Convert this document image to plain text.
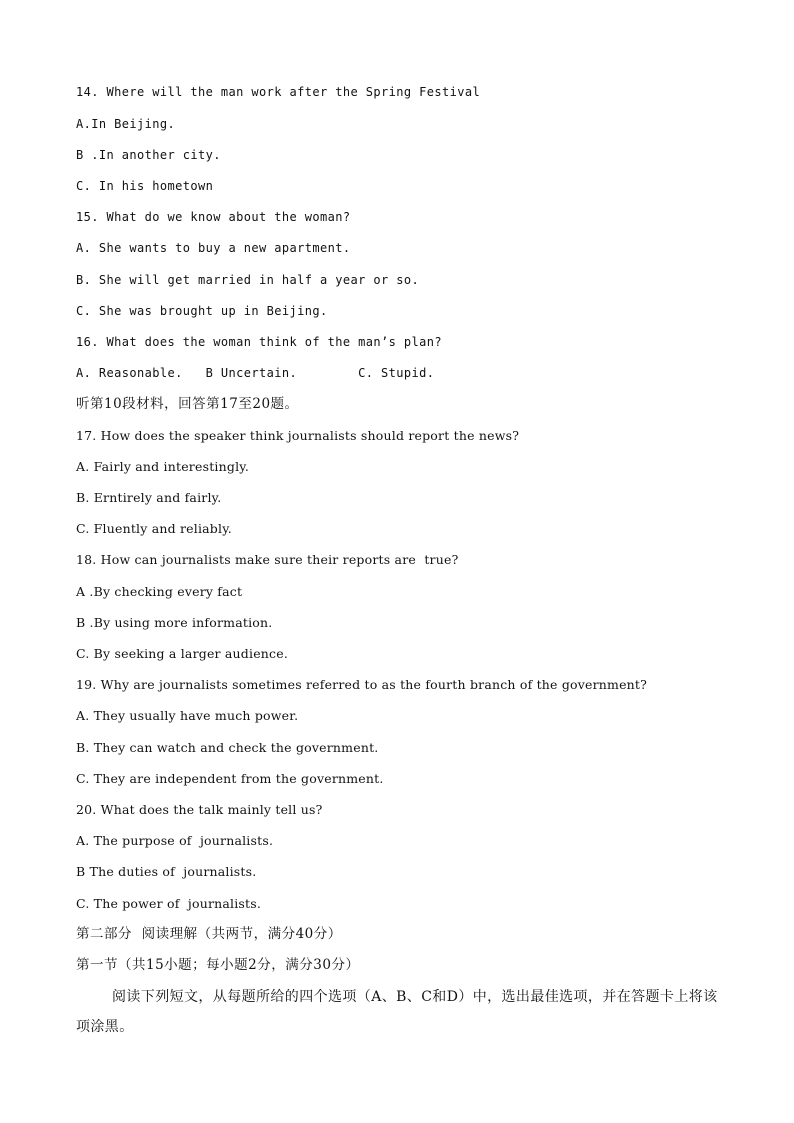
14. Where will the man work after the Spring Festival
A.In Beijing.
B .In another city.
C. In his hometown
15. What do we know about the woman?
A. She wants to buy a new apartment.
B. She will get married in half a year or so.
C. She was brought up in Beijing.
16. What does the woman think of the man’s plan?
A. Reasonable.   B Uncertain.        C. Stupid.
听第10段材料，回答第17至20题。
17. How does the speaker think journalists should report the news?
A. Fairly and interestingly.
B. Erntirely and fairly.
C. Fluently and reliably.
18. How can journalists make sure their reports are  true?
A .By checking every fact
B .By using more information.
C. By seeking a larger audience.
19. Why are journalists sometimes referred to as the fourth branch of the government?
A. They usually have much power.
B. They can watch and check the government.
C. They are independent from the government.
20. What does the talk mainly tell us?
A. The purpose of  journalists.
B The duties of  journalists.
C. The power of  journalists.
第二部分  阅读理解（共两节，满分40分）
第一节（共15小题；每小题2分，满分30分）
阅读下列短文，从每题所给的四个选项（A、B、C和D）中，选出最佳选项，并在答题卡上将该项涂黑。
